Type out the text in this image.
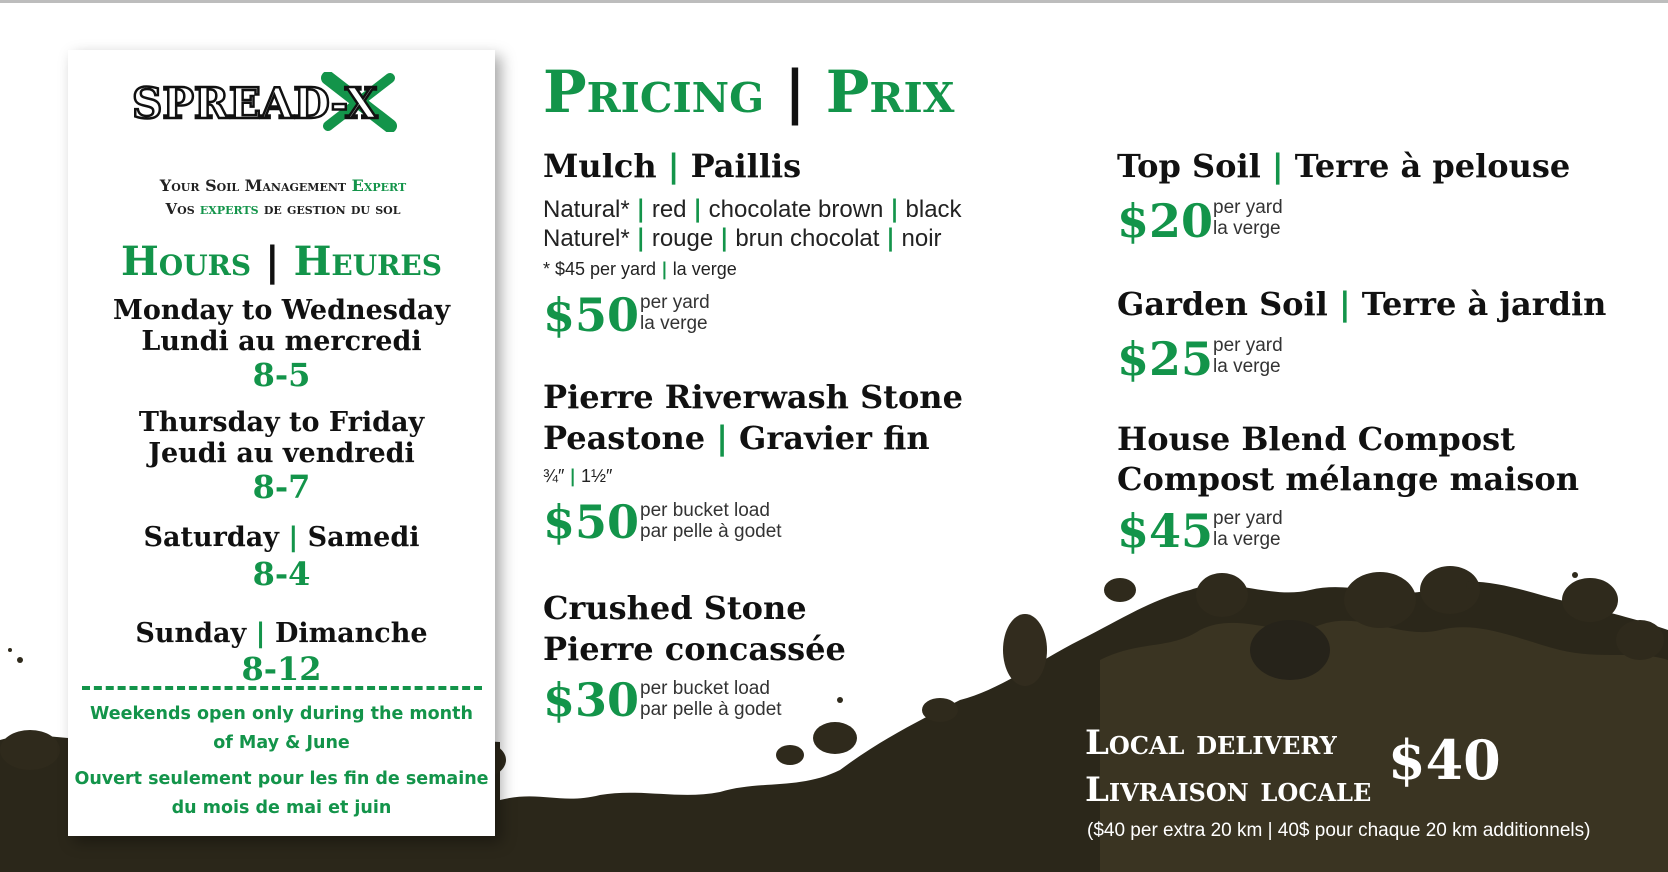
SPREAD-X
Your Soil Management Expert
Vos experts de gestion du sol
Hours | Heures
Monday to Wednesday
Lundi au mercredi
8-5
Thursday to Friday
Jeudi au vendredi
8-7
Saturday | Samedi
8-4
Sunday | Dimanche
8-12
Weekends open only during the month
of May & June
Ouvert seulement pour les fin de semaine
du mois de mai et juin
Pricing | Prix
Mulch | Paillis
Natural* | red | chocolate brown | black
Naturel* | rouge | brun chocolat | noir
* $45 per yard | la verge
$50 per yard
la verge
Pierre Riverwash Stone
Peastone | Gravier fin
¾″ | 1½″
$50 per bucket load
par pelle à godet
Crushed Stone
Pierre concassée
$30 per bucket load
par pelle à godet
Top Soil | Terre à pelouse
$20 per yard
la verge
Garden Soil | Terre à jardin
$25 per yard
la verge
House Blend Compost
Compost mélange maison
$45 per yard
la verge
Local delivery
Livraison locale $40
($40 per extra 20 km | 40$ pour chaque 20 km additionnels)
